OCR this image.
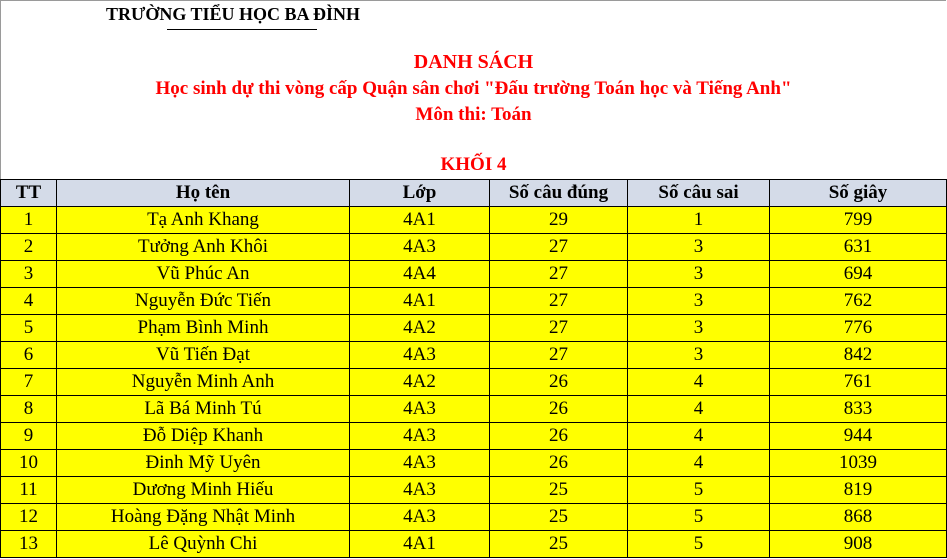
TRƯỜNG TIỂU HỌC BA ĐÌNH
DANH SÁCH
Học sinh dự thi vòng cấp Quận sân chơi "Đấu trường Toán học và Tiếng Anh"
Môn thi: Toán
KHỐI 4
TT	Họ tên	Lớp	Số câu đúng	Số câu sai	Số giây
1	Tạ Anh Khang	4A1	29	1	799
2	Tưởng Anh Khôi	4A3	27	3	631
3	Vũ Phúc An	4A4	27	3	694
4	Nguyễn Đức Tiến	4A1	27	3	762
5	Phạm Bình Minh	4A2	27	3	776
6	Vũ Tiến Đạt	4A3	27	3	842
7	Nguyễn Minh Anh	4A2	26	4	761
8	Lã Bá Minh Tú	4A3	26	4	833
9	Đỗ Diệp Khanh	4A3	26	4	944
10	Đinh Mỹ Uyên	4A3	26	4	1039
11	Dương Minh Hiếu	4A3	25	5	819
12	Hoàng Đặng Nhật Minh	4A3	25	5	868
13	Lê Quỳnh Chi	4A1	25	5	908
